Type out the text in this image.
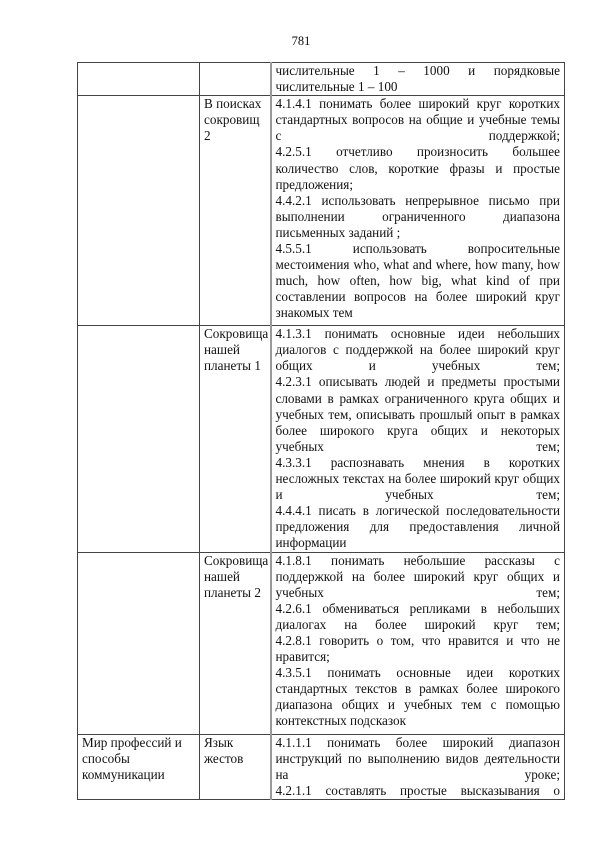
781

		числительные 1 – 1000 и порядковые числительные 1 – 100

	В поисках сокровищ 2	4.1.4.1 понимать более широкий круг коротких стандартных вопросов на общие и учебные темы с поддержкой;
4.2.5.1 отчетливо произносить большее количество слов, короткие фразы и простые предложения;
4.4.2.1 использовать непрерывное письмо при выполнении ограниченного диапазона письменных заданий ;
4.5.5.1 использовать вопросительные местоимения who, what and where, how many, how much, how often, how big, what kind of при составлении вопросов на более широкий круг знакомых тем

	Сокровища нашей планеты 1	4.1.3.1 понимать основные идеи небольших диалогов с поддержкой на более широкий круг общих и учебных тем;
4.2.3.1 описывать людей и предметы простыми словами в рамках ограниченного круга общих и учебных тем, описывать прошлый опыт в рамках более широкого круга общих и некоторых учебных тем;
4.3.3.1 распознавать мнения в коротких несложных текстах на более широкий круг общих и учебных тем;
4.4.4.1 писать в логической последовательности предложения для предоставления личной информации

	Сокровища нашей планеты 2	4.1.8.1 понимать небольшие рассказы с поддержкой на более широкий круг общих и учебных тем;
4.2.6.1 обмениваться репликами в небольших диалогах на более широкий круг тем;
4.2.8.1 говорить о том, что нравится и что не нравится;
4.3.5.1 понимать основные идеи коротких стандартных текстов в рамках более широкого диапазона общих и учебных тем с помощью контекстных подсказок

Мир профессий и способы коммуникации	Язык жестов	4.1.1.1 понимать более широкий диапазон инструкций по выполнению видов деятельности на уроке;
4.2.1.1 составлять простые высказывания о
